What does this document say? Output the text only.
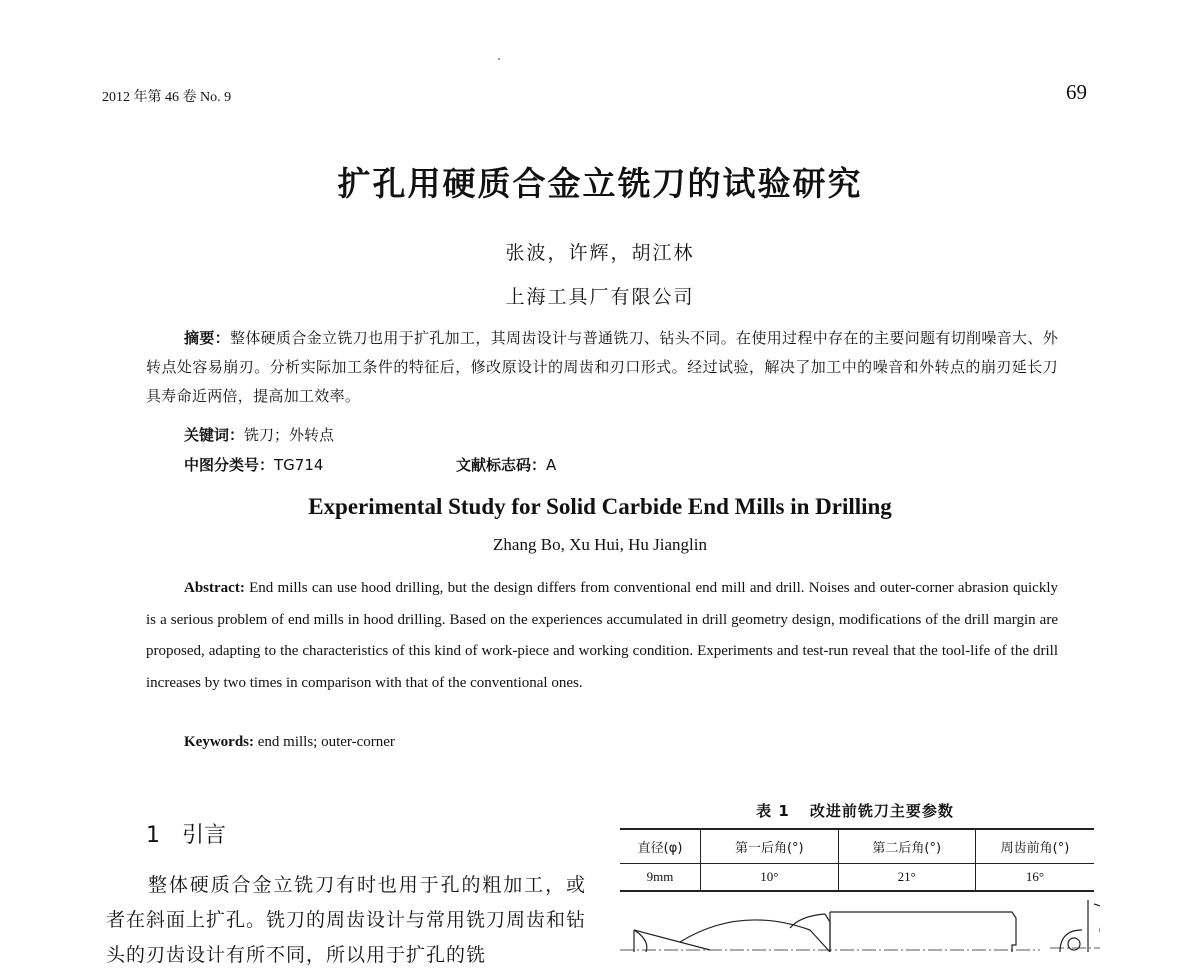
2012 年第 46 卷 No. 9	69
扩孔用硬质合金立铣刀的试验研究
张波，许辉，胡江林
上海工具厂有限公司
摘要：整体硬质合金立铣刀也用于扩孔加工，其周齿设计与普通铣刀、钻头不同。在使用过程中存在的主要问题有切削噪音大、外转点处容易崩刃。分析实际加工条件的特征后，修改原设计的周齿和刃口形式。经过试验，解决了加工中的噪音和外转点的崩刃延长刀具寿命近两倍，提高加工效率。
关键词：铣刀；外转点
中图分类号：TG714	文献标志码：A
Experimental Study for Solid Carbide End Mills in Drilling
Zhang Bo, Xu Hui, Hu Jianglin
Abstract: End mills can use hood drilling, but the design differs from conventional end mill and drill. Noises and outer-corner abrasion quickly is a serious problem of end mills in hood drilling. Based on the experiences accumulated in drill geometry design, modifications of the drill margin are proposed, adapting to the characteristics of this kind of work-piece and working condition. Experiments and test-run reveal that the tool-life of the drill increases by two times in comparison with that of the conventional ones.
Keywords: end mills; outer-corner
1 引言
整体硬质合金立铣刀有时也用于孔的粗加工，或者在斜面上扩孔。铣刀的周齿设计与常用铣刀周齿和钻头的刃齿设计有所不同，所以用于扩孔的铣
表 1 改进前铣刀主要参数
直径(φ)	第一后角(°)	第二后角(°)	周齿前角(°)
9mm	10°	21°	16°
